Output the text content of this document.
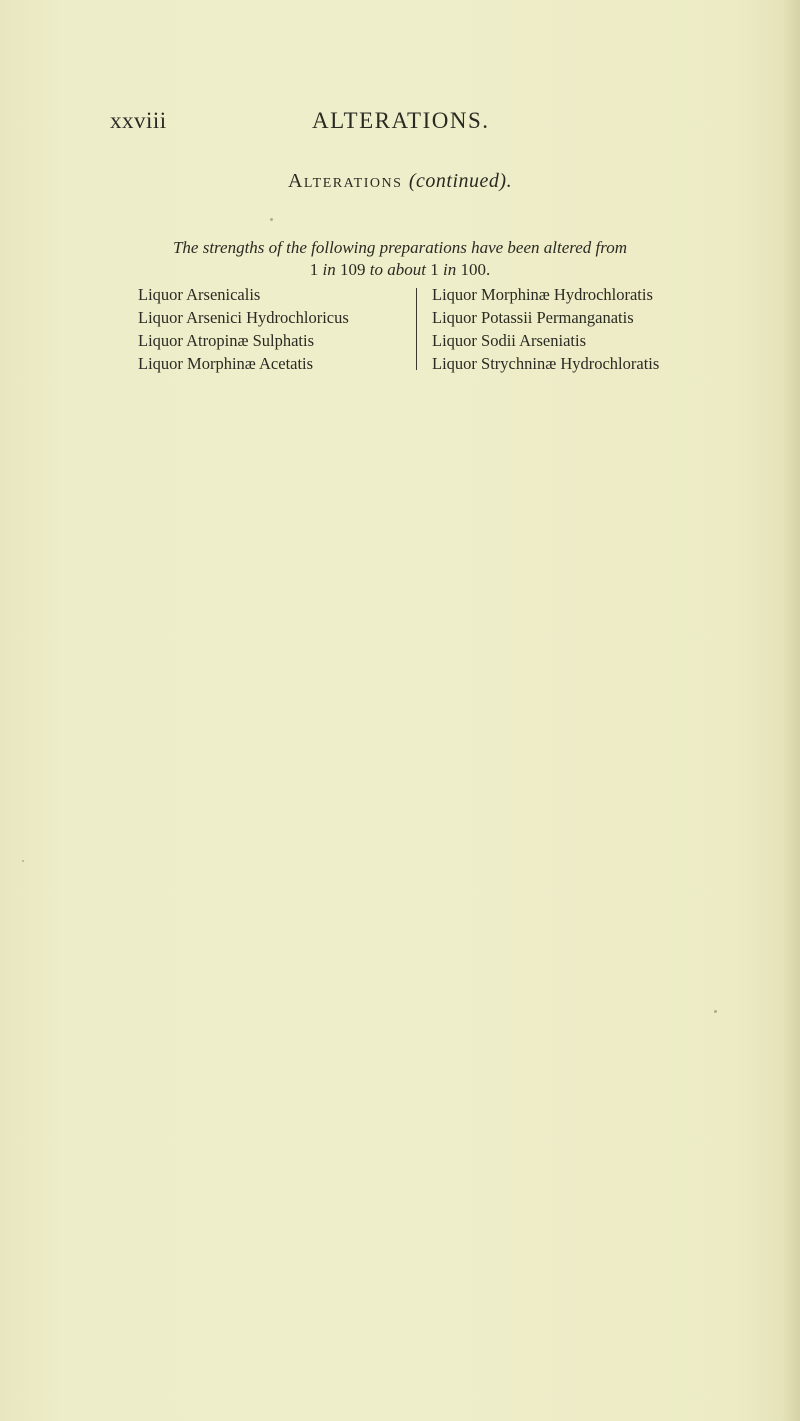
xxviii	ALTERATIONS.
Alterations (continued).
The strengths of the following preparations have been altered from
1 in 109 to about 1 in 100.
Liquor Arsenicalis
Liquor Arsenici Hydrochloricus
Liquor Atropinæ Sulphatis
Liquor Morphinæ Acetatis
Liquor Morphinæ Hydrochloratis
Liquor Potassii Permanganatis
Liquor Sodii Arseniatis
Liquor Strychninæ Hydrochloratis
